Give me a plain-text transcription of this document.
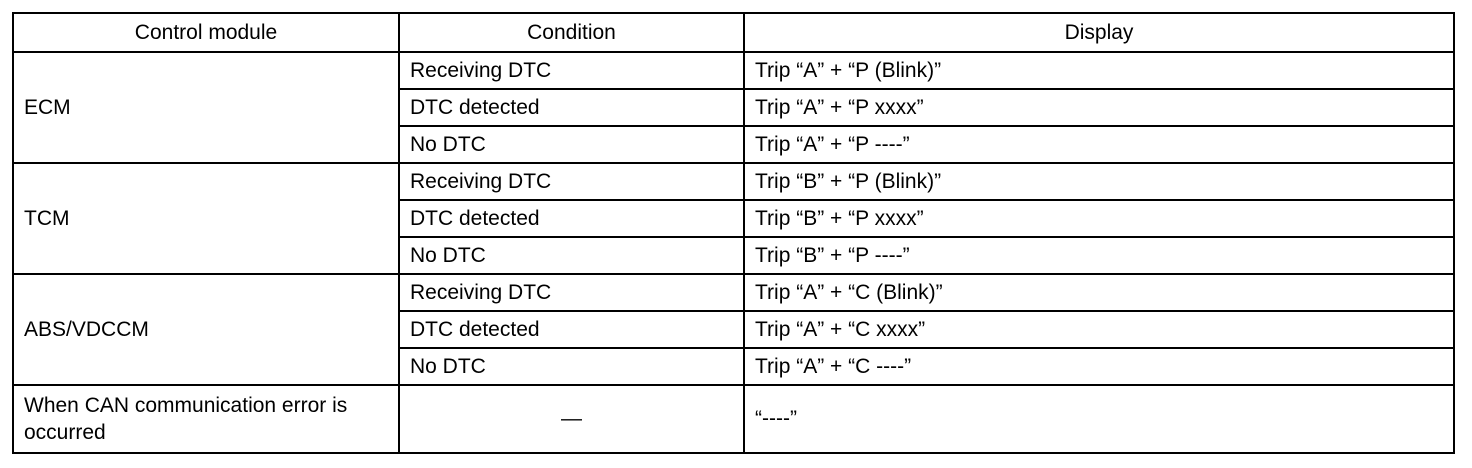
Control module	Condition	Display
ECM	Receiving DTC	Trip “A” + “P (Blink)”
	DTC detected	Trip “A” + “P xxxx”
	No DTC	Trip “A” + “P ----”
TCM	Receiving DTC	Trip “B” + “P (Blink)”
	DTC detected	Trip “B” + “P xxxx”
	No DTC	Trip “B” + “P ----”
ABS/VDCCM	Receiving DTC	Trip “A” + “C (Blink)”
	DTC detected	Trip “A” + “C xxxx”
	No DTC	Trip “A” + “C ----”
When CAN communication error is occurred	—	“----”
